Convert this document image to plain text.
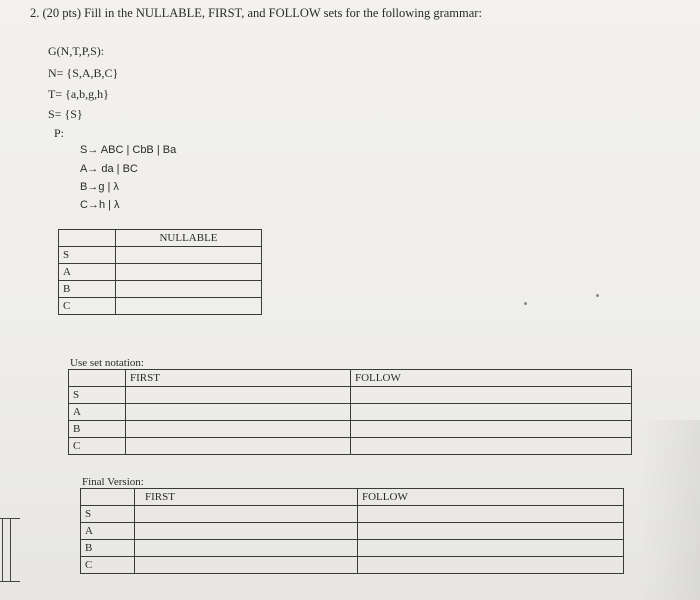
2. (20 pts) Fill in the NULLABLE, FIRST, and FOLLOW sets for the following grammar:
G(N,T,P,S):
N= {S,A,B,C}
T= {a,b,g,h}
S= {S}
P:
S→ ABC | CbB | Ba
A→ da | BC
B→g | λ
C→h | λ
	NULLABLE
S	
A	
B	
C	
Use set notation:
	FIRST	FOLLOW
S		
A		
B		
C		
Final Version:
	FIRST	FOLLOW
S		
A		
B		
C		
